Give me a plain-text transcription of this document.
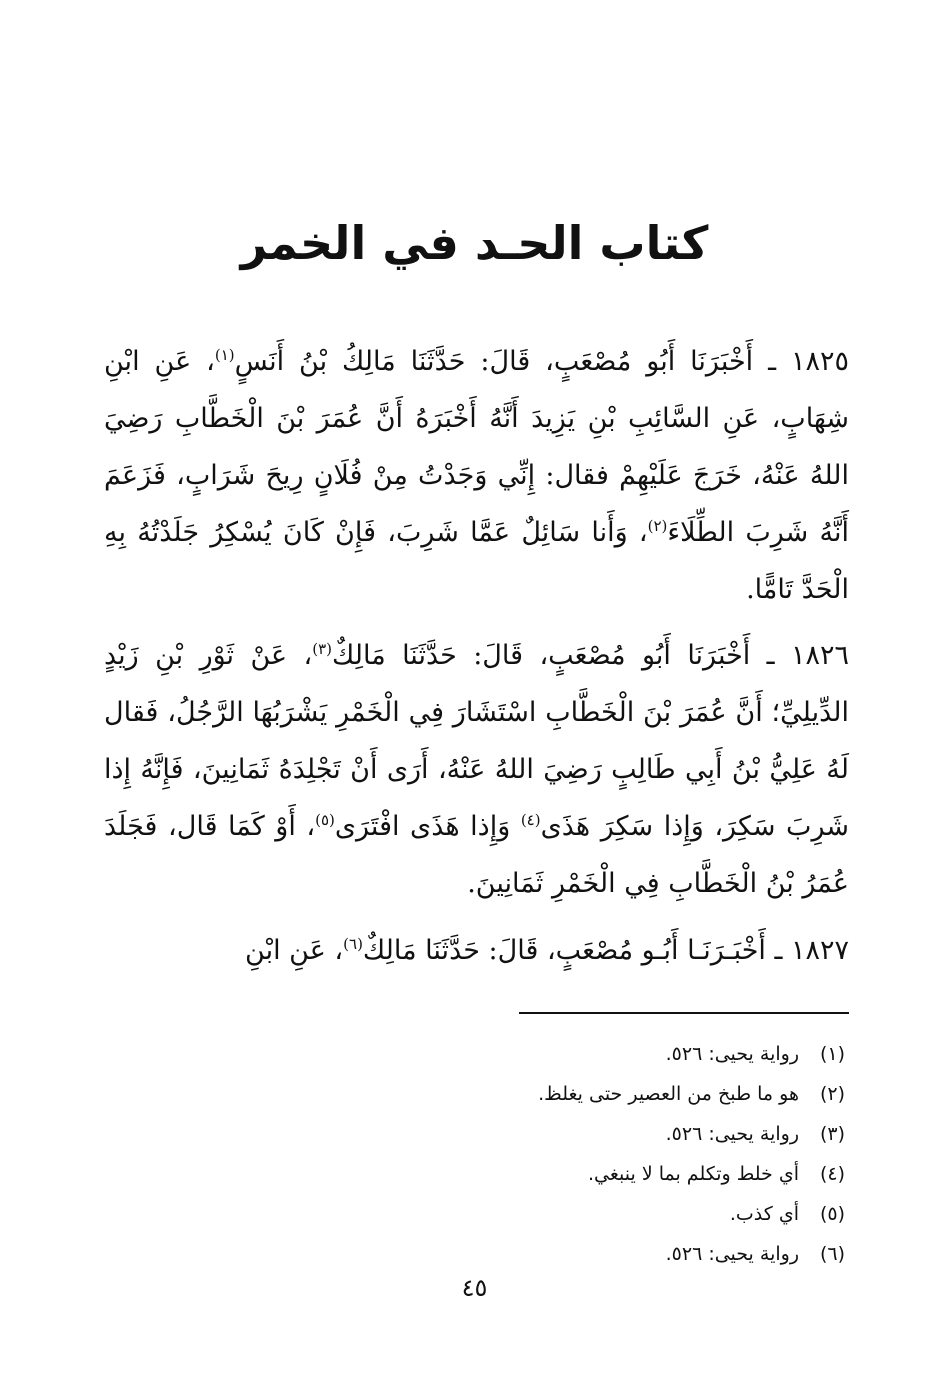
كتاب الحـد في الخمر

١٨٢٥ ـ أَخْبَرَنَا أَبُو مُصْعَبٍ، قَالَ: حَدَّثَنَا مَالِكُ بْنُ أَنَسٍ$^{(١)}$، عَنِ ابْنِ شِهَابٍ، عَنِ السَّائِبِ بْنِ يَزِيدَ أَنَّهُ أَخْبَرَهُ أَنَّ عُمَرَ بْنَ الْخَطَّابِ رَضِيَ اللهُ عَنْهُ، خَرَجَ عَلَيْهِمْ فقال: إِنِّي وَجَدْتُ مِنْ فُلَانٍ رِيحَ شَرَابٍ، فَزَعَمَ أَنَّهُ شَرِبَ الطِّلَاءَ$^{(٢)}$، وَأَنا سَائِلٌ عَمَّا شَرِبَ، فَإِنْ كَانَ يُسْكِرُ جَلَدْتُهُ بِهِ الْحَدَّ تَامًّا.

١٨٢٦ ـ أَخْبَرَنَا أَبُو مُصْعَبٍ، قَالَ: حَدَّثَنَا مَالِكٌ$^{(٣)}$، عَنْ ثَوْرِ بْنِ زَيْدٍ الدِّيلِيِّ؛ أَنَّ عُمَرَ بْنَ الْخَطَّابِ اسْتَشَارَ فِي الْخَمْرِ يَشْرَبُهَا الرَّجُلُ، فَقال لَهُ عَلِيُّ بْنُ أَبِي طَالِبٍ رَضِيَ اللهُ عَنْهُ، أَرَى أَنْ تَجْلِدَهُ ثَمَانِينَ، فَإِنَّهُ إِذا شَرِبَ سَكِرَ، وَإِذا سَكِرَ هَذَى$^{(٤)}$ وَإِذا هَذَى افْتَرَى$^{(٥)}$، أَوْ كَمَا قَال، فَجَلَدَ عُمَرُ بْنُ الْخَطَّابِ فِي الْخَمْرِ ثَمَانِينَ.

١٨٢٧ ـ أَخْبَـرَنَـا أَبُـو مُصْعَبٍ، قَالَ: حَدَّثَنَا مَالِكٌ$^{(٦)}$، عَنِ ابْنِ

(١)
رواية يحيى: ٥٢٦.
(٢)
هو ما طبخ من العصير حتى يغلظ.
(٣)
رواية يحيى: ٥٢٦.
(٤)
أي خلط وتكلم بما لا ينبغي.
(٥)
أي كذب.
(٦)
رواية يحيى: ٥٢٦.
٤٥
